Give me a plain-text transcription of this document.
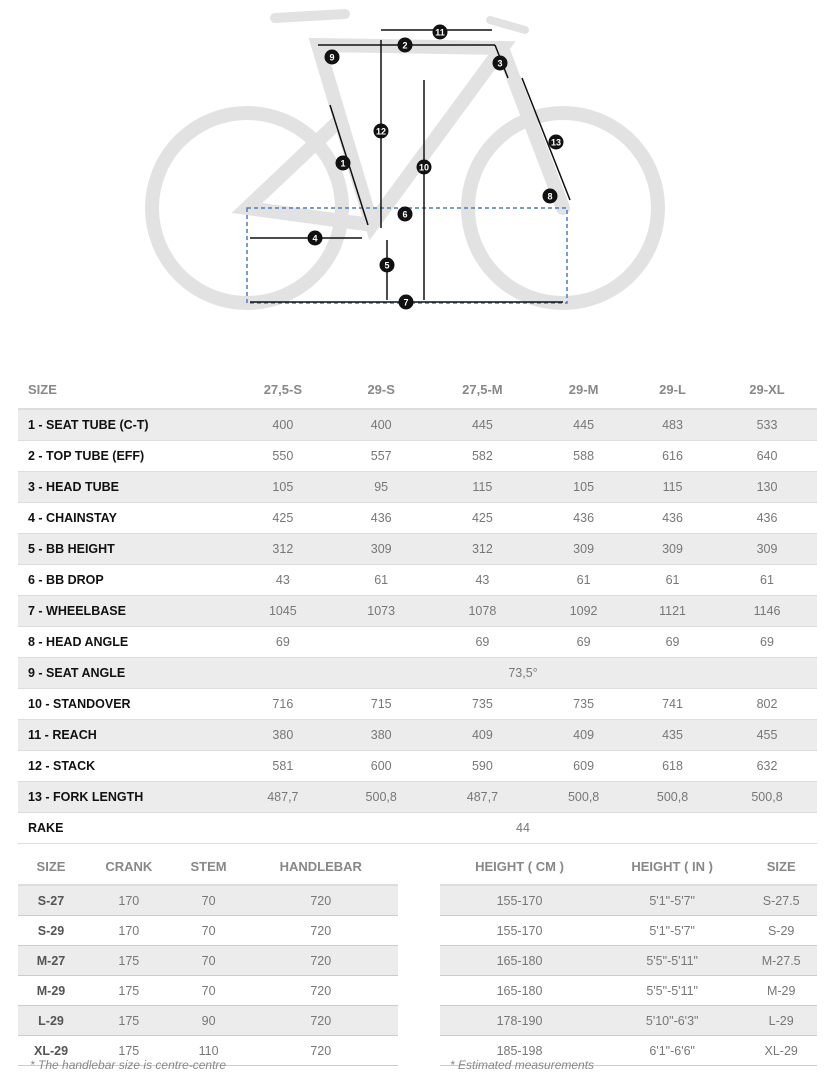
1
2
3
4
5
6
7
8
9
10
11
12
13
SIZE	27,5-S	29-S	27,5-M	29-M	29-L	29-XL
1 - SEAT TUBE (C-T)	400	400	445	445	483	533
2 - TOP TUBE (EFF)	550	557	582	588	616	640
3 - HEAD TUBE	105	95	115	105	115	130
4 - CHAINSTAY	425	436	425	436	436	436
5 - BB HEIGHT	312	309	312	309	309	309
6 - BB DROP	43	61	43	61	61	61
7 - WHEELBASE	1045	1073	1078	1092	1121	1146
8 - HEAD ANGLE	69		69	69	69	69
9 - SEAT ANGLE	73,5°					
10 - STANDOVER	716	715	735	735	741	802
11 - REACH	380	380	409	409	435	455
12 - STACK	581	600	590	609	618	632
13 - FORK LENGTH	487,7	500,8	487,7	500,8	500,8	500,8
RAKE	44					
SIZE	CRANK	STEM	HANDLEBAR
S-27	170	70	720
S-29	170	70	720
M-27	175	70	720
M-29	175	70	720
L-29	175	90	720
XL-29	175	110	720
HEIGHT ( CM )	HEIGHT ( IN )	SIZE
155-170	5'1"-5'7"	S-27.5
155-170	5'1"-5'7"	S-29
165-180	5'5"-5'11"	M-27.5
165-180	5'5"-5'11"	M-29
178-190	5'10"-6'3"	L-29
185-198	6'1"-6'6"	XL-29
* The handlebar size is centre-centre	* Estimated measurements
